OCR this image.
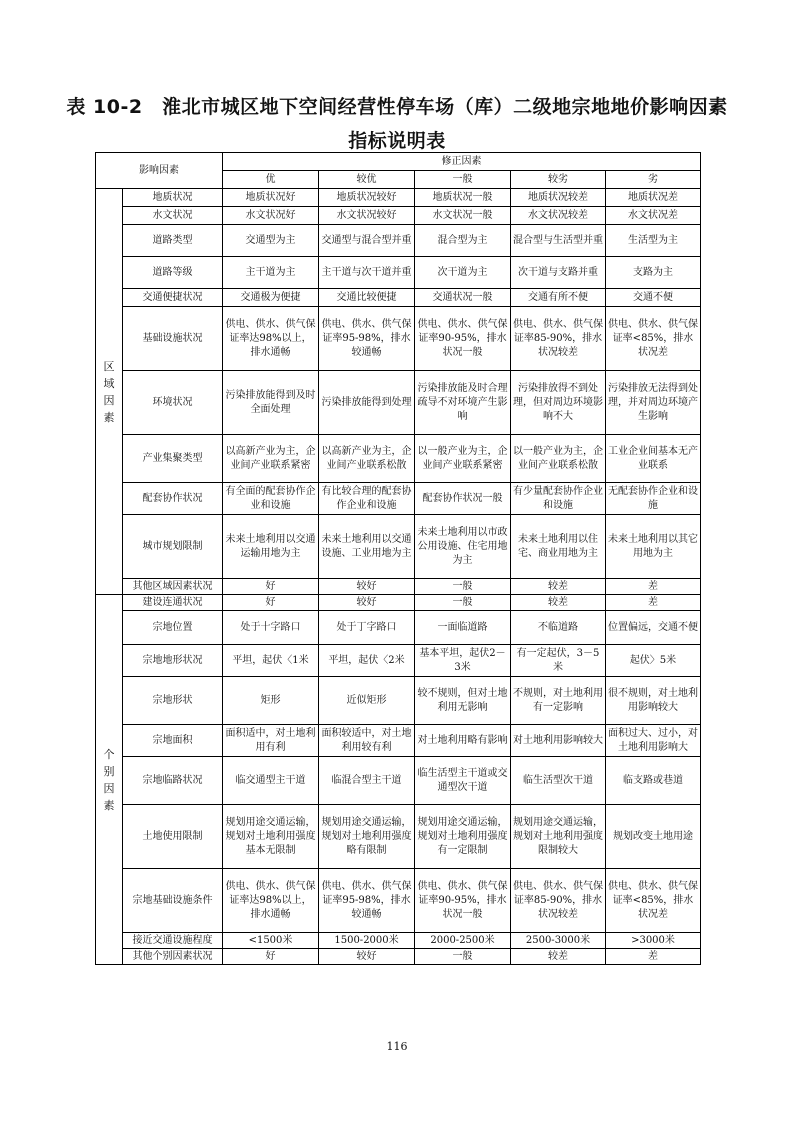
表 10-2　淮北市城区地下空间经营性停车场（库）二级地宗地地价影响因素
指标说明表
影响因素		修正因素				
		优	较优	一般	较劣	劣
区
域
因
素	地质状况	地质状况好	地质状况较好	地质状况一般	地质状况较差	地质状况差
	水文状况	水文状况好	水文状况较好	水文状况一般	水文状况较差	水文状况差
	道路类型	交通型为主	交通型与混合型并重	混合型为主	混合型与生活型并重	生活型为主
	道路等级	主干道为主	主干道与次干道并重	次干道为主	次干道与支路并重	支路为主
	交通便捷状况	交通极为便捷	交通比较便捷	交通状况一般	交通有所不便	交通不便
	基础设施状况	供电、供水、供气保证率达98%以上，排水通畅	供电、供水、供气保证率95-98%，排水较通畅	供电、供水、供气保证率90-95%，排水状况一般	供电、供水、供气保证率85-90%，排水状况较差	供电、供水、供气保证率<85%，排水状况差
	环境状况	污染排放能得到及时全面处理	污染排放能得到处理	污染排放能及时合理疏导不对环境产生影响	污染排放得不到处理，但对周边环境影响不大	污染排放无法得到处理，并对周边环境产生影响
	产业集聚类型	以高新产业为主，企业间产业联系紧密	以高新产业为主，企业间产业联系松散	以一般产业为主，企业间产业联系紧密	以一般产业为主，企业间产业联系松散	工业企业间基本无产业联系
	配套协作状况	有全面的配套协作企业和设施	有比较合理的配套协作企业和设施	配套协作状况一般	有少量配套协作企业和设施	无配套协作企业和设施
	城市规划限制	未来土地利用以交通运输用地为主	未来土地利用以交通设施、工业用地为主	未来土地利用以市政公用设施、住宅用地为主	未来土地利用以住宅、商业用地为主	未来土地利用以其它用地为主
	其他区域因素状况	好	较好	一般	较差	差
个
别
因
素	建设连通状况	好	较好	一般	较差	差
	宗地位置	处于十字路口	处于丁字路口	一面临道路	不临道路	位置偏远，交通不便
	宗地地形状况	平坦，起伏〈1米	平坦，起伏〈2米	基本平坦，起伏2－3米	有一定起伏，3－5米	起伏〉5米
	宗地形状	矩形	近似矩形	较不规则，但对土地利用无影响	不规则，对土地利用有一定影响	很不规则，对土地利用影响较大
	宗地面积	面积适中，对土地利用有利	面积较适中，对土地利用较有利	对土地利用略有影响	对土地利用影响较大	面积过大、过小，对土地利用影响大
	宗地临路状况	临交通型主干道	临混合型主干道	临生活型主干道或交通型次干道	临生活型次干道	临支路或巷道
	土地使用限制	规划用途交通运输，规划对土地利用强度基本无限制	规划用途交通运输，规划对土地利用强度略有限制	规划用途交通运输，规划对土地利用强度有一定限制	规划用途交通运输，规划对土地利用强度限制较大	规划改变土地用途
	宗地基础设施条件	供电、供水、供气保证率达98%以上，排水通畅	供电、供水、供气保证率95-98%，排水较通畅	供电、供水、供气保证率90-95%，排水状况一般	供电、供水、供气保证率85-90%，排水状况较差	供电、供水、供气保证率<85%，排水状况差
	接近交通设施程度	<1500米	1500-2000米	2000-2500米	2500-3000米	>3000米
	其他个别因素状况	好	较好	一般	较差	差
116
